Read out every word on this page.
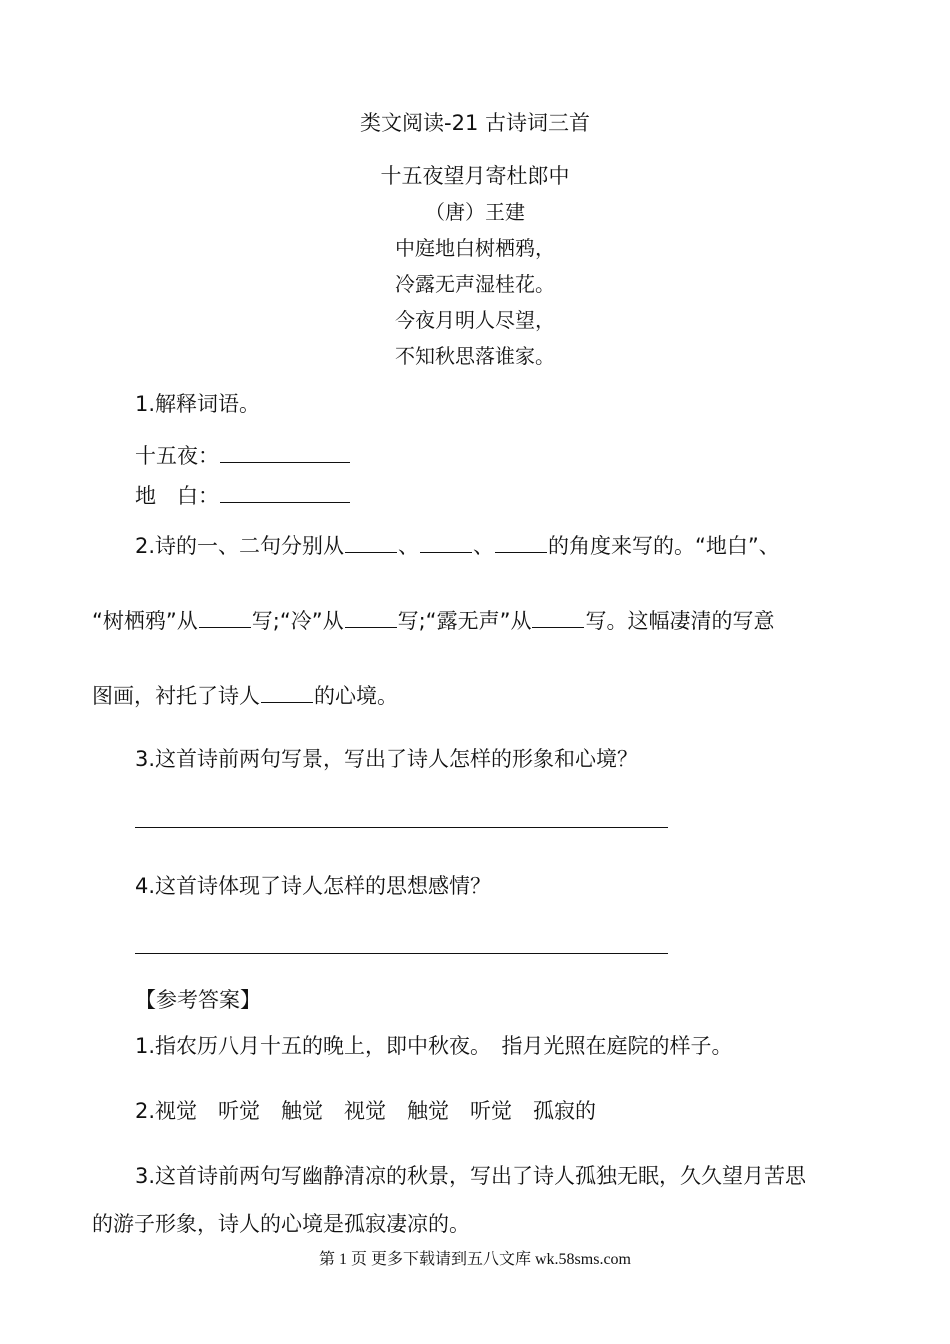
类文阅读-21 古诗词三首
十五夜望月寄杜郎中
（唐）王建
中庭地白树栖鸦，
冷露无声湿桂花。
今夜月明人尽望，
不知秋思落谁家。
1.解释词语。
十五夜：
地　白：
2.诗的一、二句分别从	、	、	的角度来写的。“地白”、
“树栖鸦”从	写;“冷”从	写;“露无声”从	写。这幅凄清的写意
图画，衬托了诗人	的心境。
3.这首诗前两句写景，写出了诗人怎样的形象和心境？
4.这首诗体现了诗人怎样的思想感情？
【参考答案】
1.指农历八月十五的晚上，即中秋夜。　指月光照在庭院的样子。
2.视觉　听觉　触觉　视觉　触觉　听觉　孤寂的
3.这首诗前两句写幽静清凉的秋景，写出了诗人孤独无眠，久久望月苦思
的游子形象，诗人的心境是孤寂凄凉的。
第 1 页 更多下载请到五八文库 wk.58sms.com
